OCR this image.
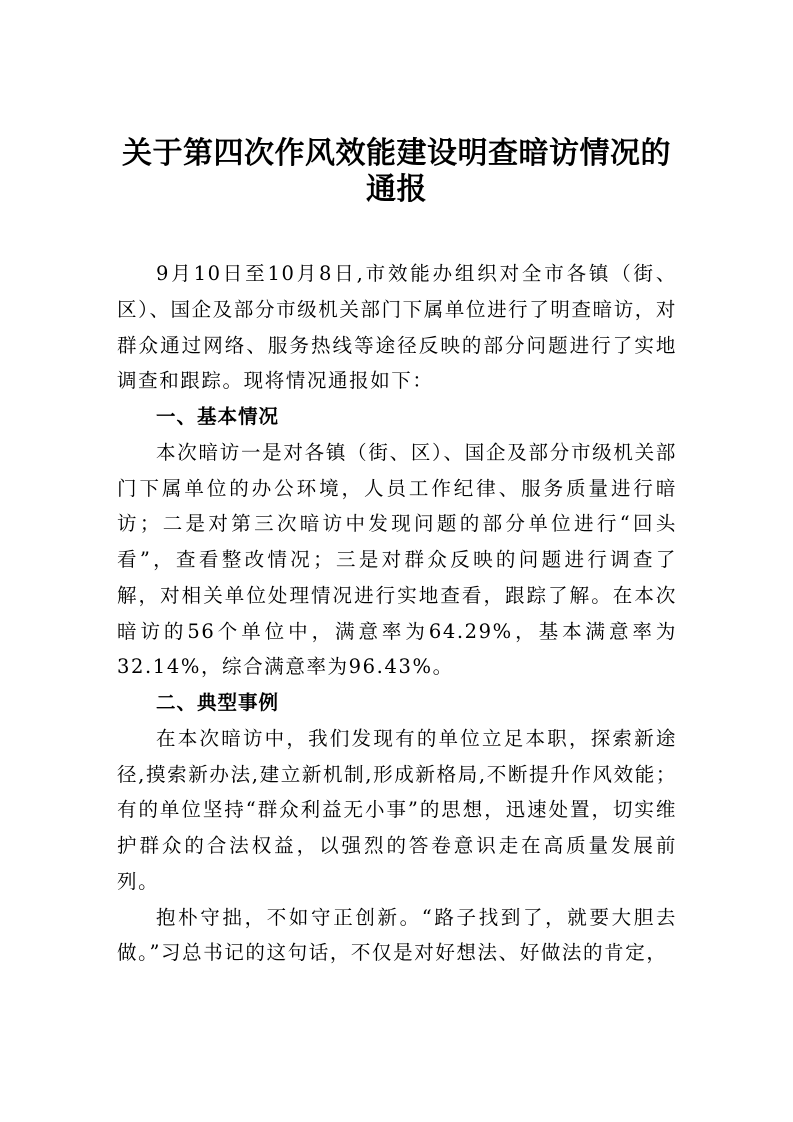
关于第四次作风效能建设明查暗访情况的
通报

9月10日至10月8日,市效能办组织对全市各镇（街、区）、国企及部分市级机关部门下属单位进行了明查暗访，对群众通过网络、服务热线等途径反映的部分问题进行了实地调查和跟踪。现将情况通报如下：

一、基本情况

本次暗访一是对各镇（街、区）、国企及部分市级机关部门下属单位的办公环境，人员工作纪律、服务质量进行暗访；二是对第三次暗访中发现问题的部分单位进行“回头看”，查看整改情况；三是对群众反映的问题进行调查了解，对相关单位处理情况进行实地查看，跟踪了解。在本次暗访的56个单位中，满意率为64.29%，基本满意率为32.14%，综合满意率为96.43%。

二、典型事例

在本次暗访中，我们发现有的单位立足本职，探索新途径,摸索新办法,建立新机制,形成新格局,不断提升作风效能；有的单位坚持“群众利益无小事”的思想，迅速处置，切实维护群众的合法权益，以强烈的答卷意识走在高质量发展前列。

抱朴守拙，不如守正创新。“路子找到了，就要大胆去做。”习总书记的这句话，不仅是对好想法、好做法的肯定，
